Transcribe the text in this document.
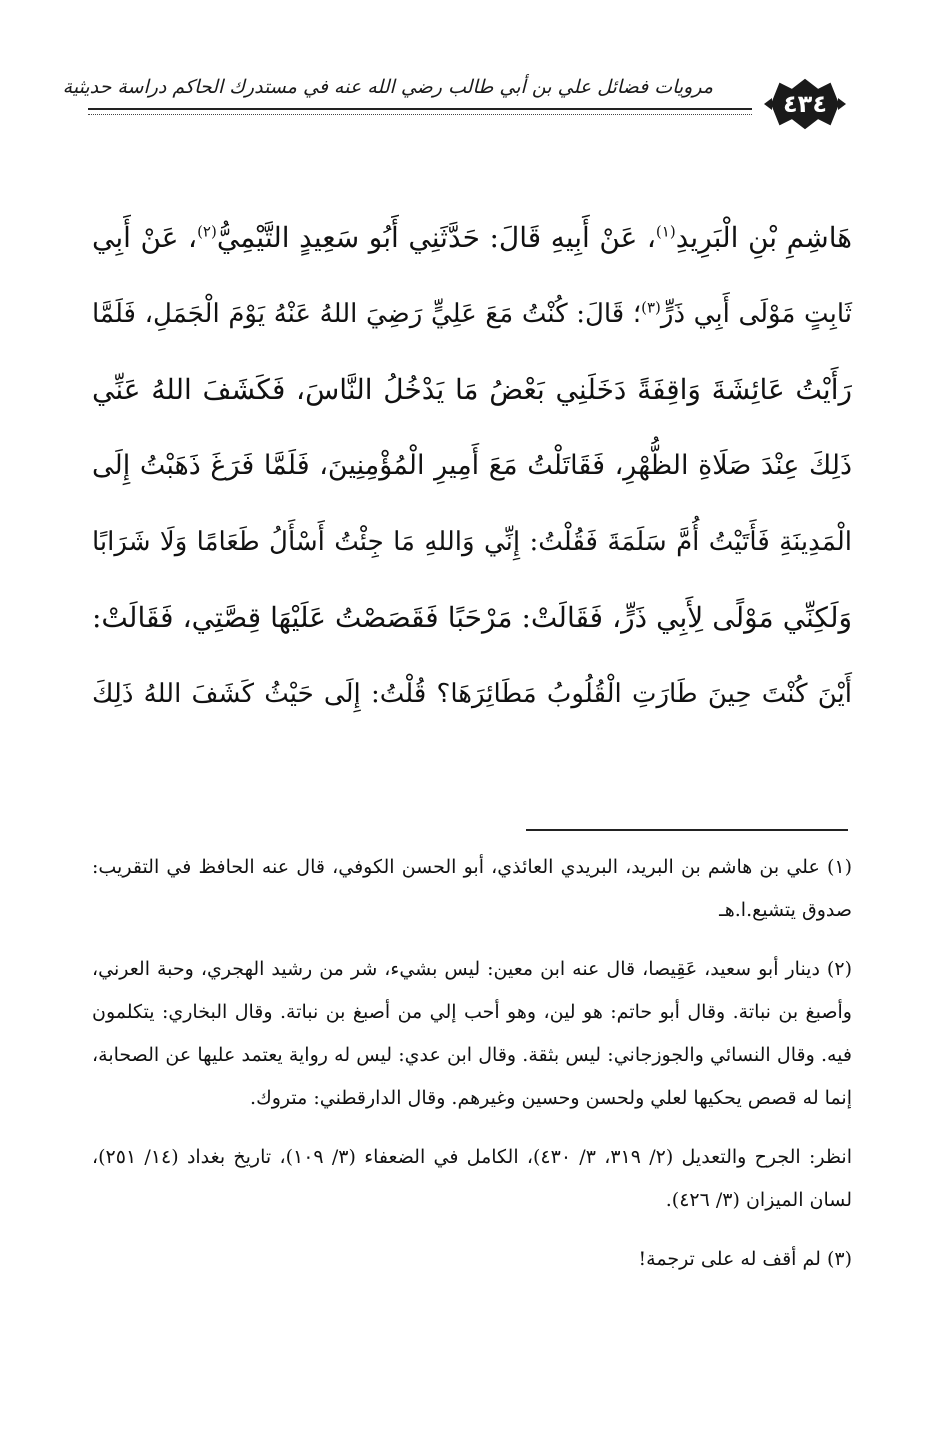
مرويات فضائل علي بن أبي طالب رضي الله عنه في مستدرك الحاكم دراسة حديثية
٤٣٤
هَاشِمِ بْنِ الْبَرِيدِ$^{(١)}$، عَنْ أَبِيهِ قَالَ: حَدَّثَنِي أَبُو سَعِيدٍ التَّيْمِيُّ$^{(٢)}$، عَنْ أَبِي
ثَابِتٍ مَوْلَى أَبِي ذَرٍّ$^{(٣)}$؛ قَالَ: كُنْتُ مَعَ عَلِيٍّ رَضِيَ اللهُ عَنْهُ يَوْمَ الْجَمَلِ، فَلَمَّا
رَأَيْتُ عَائِشَةَ وَاقِفَةً دَخَلَنِي بَعْضُ مَا يَدْخُلُ النَّاسَ، فَكَشَفَ اللهُ عَنِّي
ذَلِكَ عِنْدَ صَلَاةِ الظُّهْرِ، فَقَاتَلْتُ مَعَ أَمِيرِ الْمُؤْمِنِينَ، فَلَمَّا فَرَغَ ذَهَبْتُ إِلَى
الْمَدِينَةِ فَأَتَيْتُ أُمَّ سَلَمَةَ فَقُلْتُ: إِنِّي وَاللهِ مَا جِئْتُ أَسْأَلُ طَعَامًا وَلَا شَرَابًا
وَلَكِنِّي مَوْلًى لِأَبِي ذَرٍّ، فَقَالَتْ: مَرْحَبًا فَقَصَصْتُ عَلَيْهَا قِصَّتِي، فَقَالَتْ:
أَيْنَ كُنْتَ حِينَ طَارَتِ الْقُلُوبُ مَطَائِرَهَا؟ قُلْتُ: إِلَى حَيْثُ كَشَفَ اللهُ ذَلِكَ

(١) علي بن هاشم بن البريد، البريدي العائذي، أبو الحسن الكوفي، قال عنه الحافظ في التقريب: صدوق يتشيع.ا.هـ

(٢) دينار أبو سعيد، عَقِيصا، قال عنه ابن معين: ليس بشيء، شر من رشيد الهجري، وحبة العرني، وأصبغ بن نباتة. وقال أبو حاتم: هو لين، وهو أحب إلي من أصبغ بن نباتة. وقال البخاري: يتكلمون فيه. وقال النسائي والجوزجاني: ليس بثقة. وقال ابن عدي: ليس له رواية يعتمد عليها عن الصحابة، إنما له قصص يحكيها لعلي ولحسن وحسين وغيرهم. وقال الدارقطني: متروك.

انظر: الجرح والتعديل (٢/ ٣١٩، ٣/ ٤٣٠)، الكامل في الضعفاء (٣/ ١٠٩)، تاريخ بغداد (١٤/ ٢٥١)، لسان الميزان (٣/ ٤٢٦).

(٣) لم أقف له على ترجمة!
